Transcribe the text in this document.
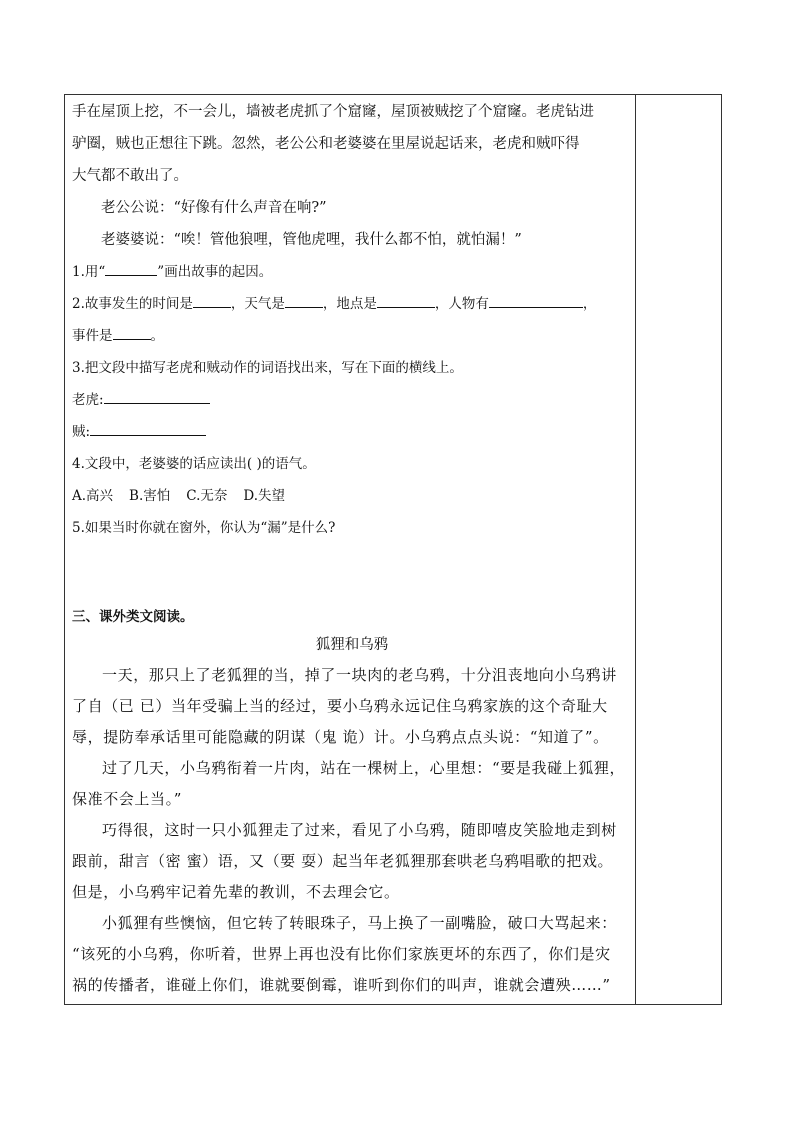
手在屋顶上挖，不一会儿，墙被老虎抓了个窟窿，屋顶被贼挖了个窟窿。老虎钻进

驴圈，贼也正想往下跳。忽然，老公公和老婆婆在里屋说起话来，老虎和贼吓得

大气都不敢出了。

老公公说：“好像有什么声音在响?”

老婆婆说：“唉！管他狼哩，管他虎哩，我什么都不怕，就怕漏！”

1.用“	”画出故事的起因。

2.故事发生的时间是	，天气是	，地点是	，人物有	，

事件是	。

3.把文段中描写老虎和贼动作的词语找出来，写在下面的横线上。

老虎:

贼:

4.文段中，老婆婆的话应读出( )的语气。

A.高兴 B.害怕 C.无奈 D.失望

5.如果当时你就在窗外，你认为“漏”是什么?

三、课外类文阅读。

狐狸和乌鸦

一天，那只上了老狐狸的当，掉了一块肉的老乌鸦，十分沮丧地向小乌鸦讲

了自（已 已）当年受骗上当的经过，要小乌鸦永远记住乌鸦家族的这个奇耻大

辱，提防奉承话里可能隐藏的阴谋（鬼 诡）计。小乌鸦点点头说：“知道了”。

过了几天，小乌鸦衔着一片肉，站在一棵树上，心里想：“要是我碰上狐狸，

保准不会上当。”

巧得很，这时一只小狐狸走了过来，看见了小乌鸦，随即嘻皮笑脸地走到树

跟前，甜言（密 蜜）语，又（要 耍）起当年老狐狸那套哄老乌鸦唱歌的把戏。

但是，小乌鸦牢记着先辈的教训，不去理会它。

小狐狸有些懊恼，但它转了转眼珠子，马上换了一副嘴脸，破口大骂起来：

“该死的小乌鸦，你听着，世界上再也没有比你们家族更坏的东西了，你们是灾

祸的传播者，谁碰上你们，谁就要倒霉，谁听到你们的叫声，谁就会遭殃……”
